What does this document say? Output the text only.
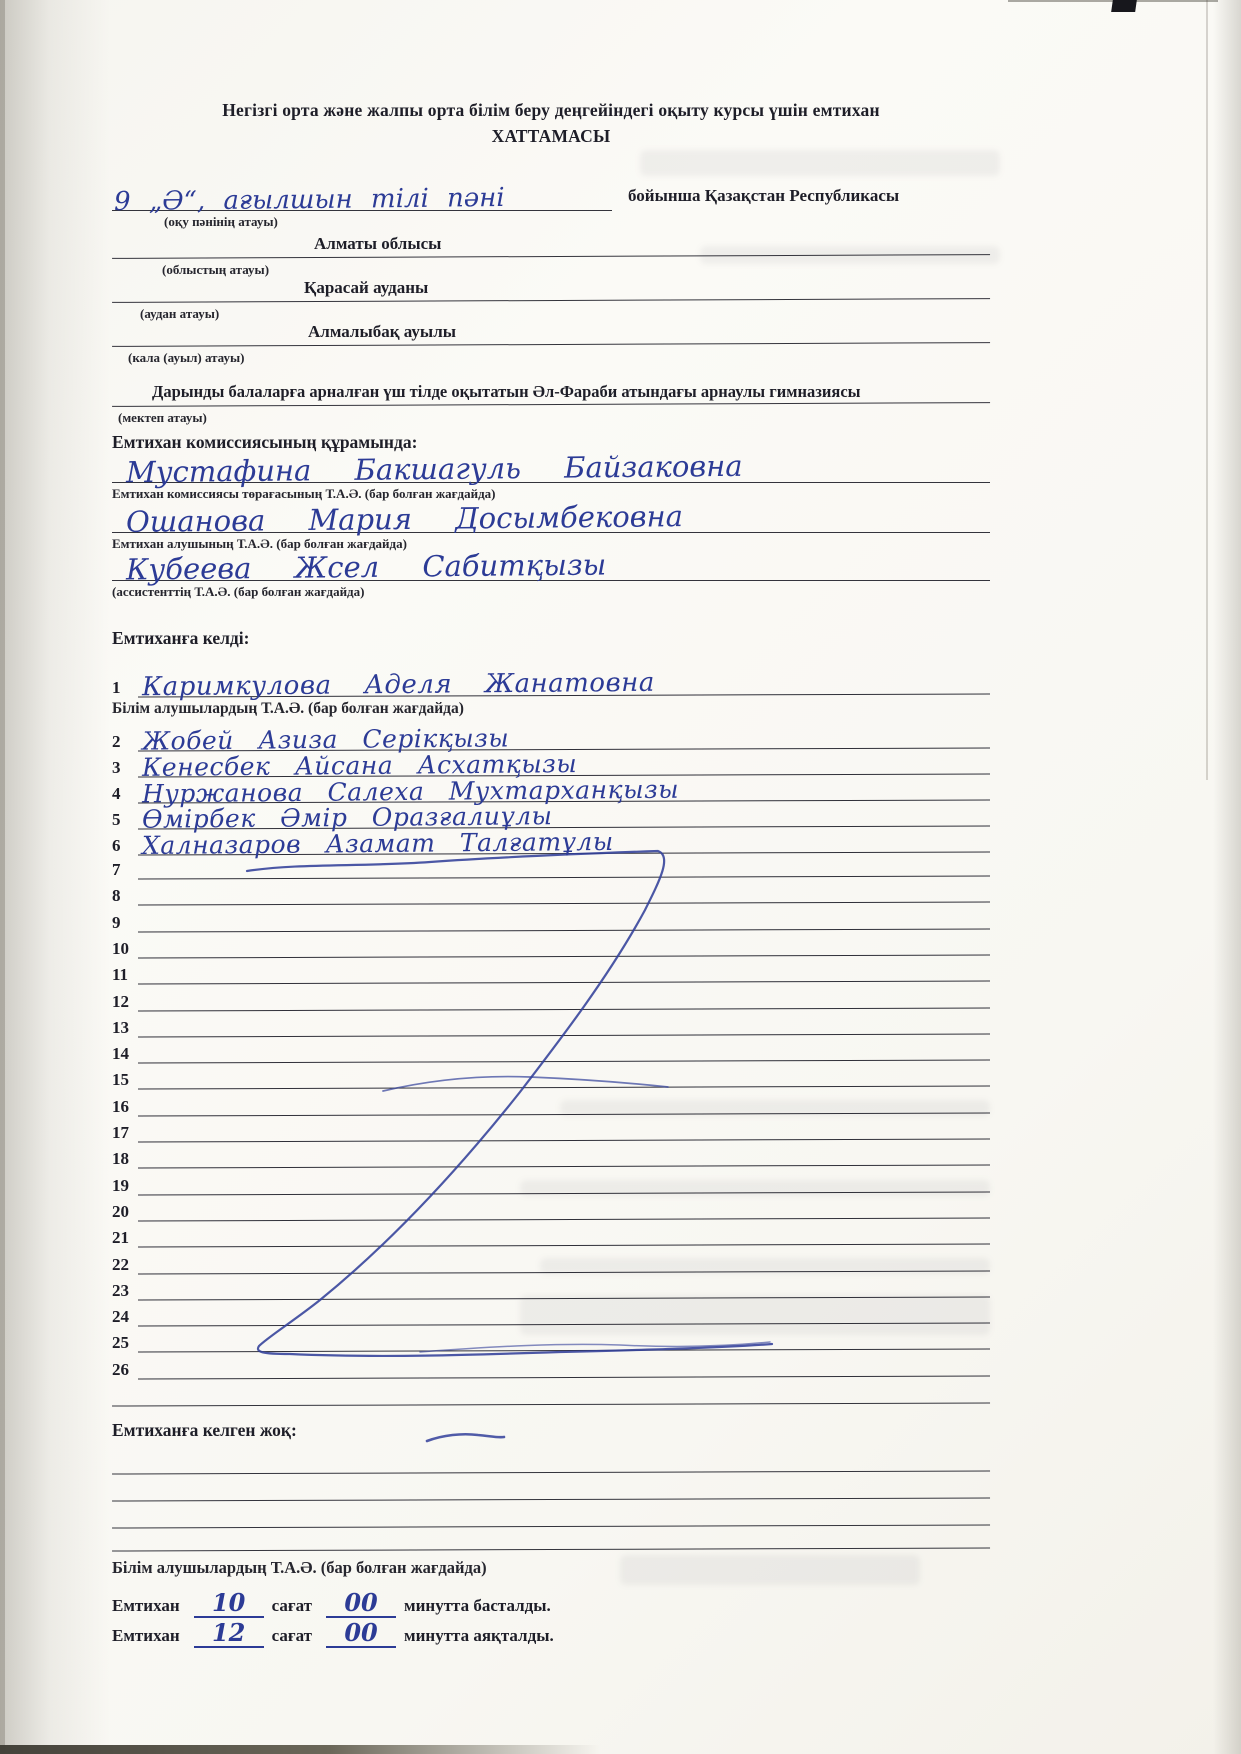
Негізгі орта және жалпы орта білім беру деңгейіндегі оқыту курсы үшін емтихан
ХАТТАМАСЫ
9 „Ә“, ағылшын тілі пәні	бойынша Қазақстан Республикасы
(оқу пәнінің атауы)
Алматы облысы
(облыстың атауы)
Қарасай ауданы
(аудан атауы)
Алмалыбақ ауылы
(кала (ауыл) атауы)
Дарынды балаларға арналған үш тілде оқытатын Әл-Фараби атындағы арнаулы гимназиясы
(мектеп атауы)
Емтихан комиссиясының құрамында:
Мустафина Бакшагуль Байзаковна
Емтихан комиссиясы төрағасының Т.А.Ә. (бар болған жағдайда)
Ошанова Мария Досымбековна
Емтихан алушының Т.А.Ә. (бар болған жағдайда)
Кубеева Жсел Сабитқызы
(ассистенттің Т.А.Ә. (бар болған жағдайда)
Емтиханға келді:
1 Каримкулова Аделя Жанатовна
2 Жобей Азиза Серікқызы
3 Кенесбек Айсана Асхатқызы
4 Нуржанова Салеха Мухтарханқызы
5 Өмірбек Әмір Оразғалиұлы
6 Халназаров Азамат Талғатұлы
7
8
9
10
11
12
13
14
15
16
17
18
19
20
21
22
23
24
25
26
Білім алушылардың Т.А.Ә. (бар болған жағдайда)
Емтиханға келген жоқ:
Білім алушылардың Т.А.Ә. (бар болған жағдайда)
Емтихан	10	сағат	00	минутта басталды.
Емтихан	12	сағат	00	минутта аяқталды.
